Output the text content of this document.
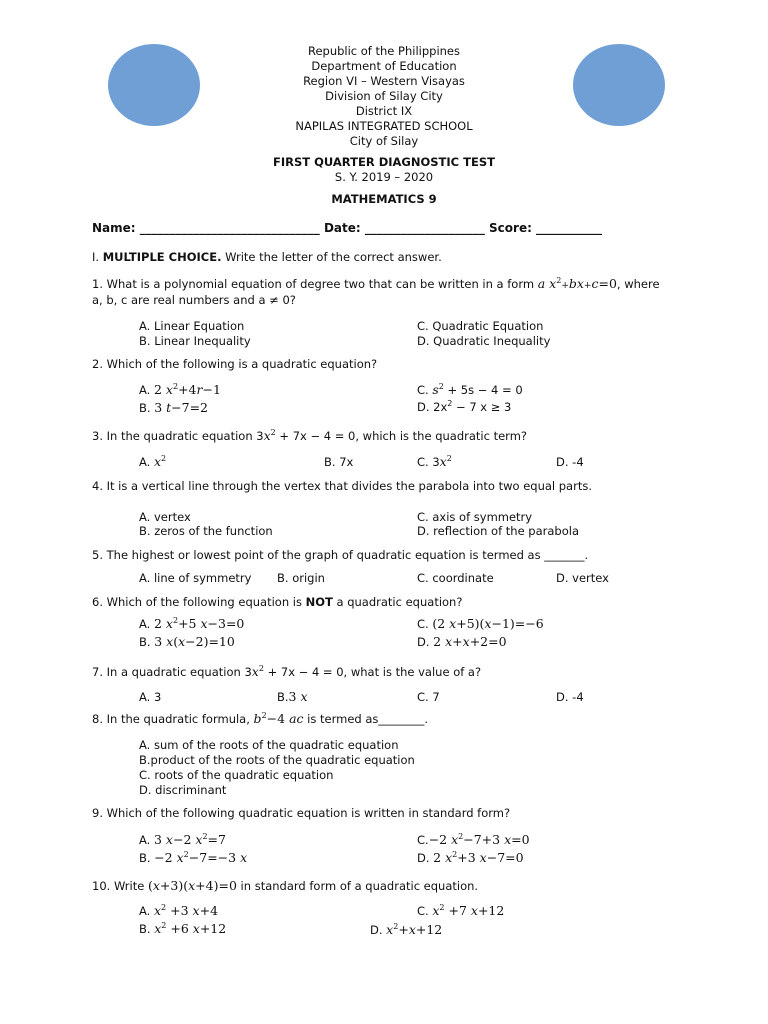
Republic of the Philippines
Department of Education
Region VI – Western Visayas
Division of Silay City
District IX
NAPILAS INTEGRATED SCHOOL
City of Silay
FIRST QUARTER DIAGNOSTIC TEST
S. Y. 2019 – 2020
MATHEMATICS 9
Name: ______________________________ Date: ____________________ Score: ___________
I. MULTIPLE CHOICE. Write the letter of the correct answer.
1. What is a polynomial equation of degree two that can be written in a form a $x^2+bx+c=0$, where
a, b, c are real numbers and a ≠ 0?
A. Linear Equation
B. Linear Inequality
C. Quadratic Equation
D. Quadratic Inequality
2. Which of the following is a quadratic equation?
A. 2 $x^2+4r-1$
B. 3 t−7=2
C. $s^2 + 5s - 4 = 0$
D. $2x^2 - 7$ x ≥ 3
3. In the quadratic equation $3x^2 + 7x - 4 = 0$, which is the quadratic term?
A. $x^2$	B. 7x	C. $3x^2$	D. -4
4. It is a vertical line through the vertex that divides the parabola into two equal parts.
A. vertex
B. zeros of the function
C. axis of symmetry
D. reflection of the parabola
5. The highest or lowest point of the graph of quadratic equation is termed as _______.
A. line of symmetry B. origin	C. coordinate	D. vertex
6. Which of the following equation is NOT a quadratic equation?
A. 2 $x^2+5$ x−3=0
B. 3 x(x−2)=10
C. (2 x+5)(x−1)=−6
D. 2 x+x+2=0
7. In a quadratic equation $3x^2 + 7x - 4 = 0$, what is the value of a?
A. 3	B.3 x	C. 7	D. -4
8. In the quadratic formula, $b^2-4$ ac is termed as________.
A. sum of the roots of the quadratic equation
B.product of the roots of the quadratic equation
C. roots of the quadratic equation
D. discriminant
9. Which of the following quadratic equation is written in standard form?
A. 3 x−2 $x^2=7$
B. −2 $x^2-7=-3$ x
C.−2 $x^2-7+3$ x=0
D. 2 $x^2+3$ x−7=0
10. Write (x+3)(x+4)=0 in standard form of a quadratic equation.
A. $x^2 +3$ x+4
B. $x^2 +6$ x+12
C. $x^2 +7$ x+12
D. $x^2+x+12$
